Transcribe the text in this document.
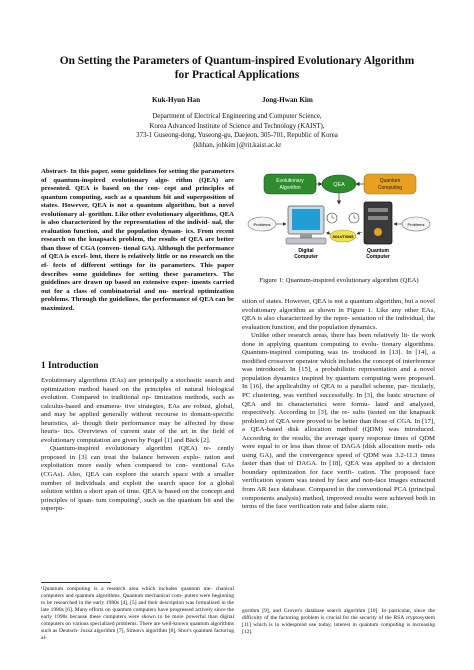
On Setting the Parameters of Quantum-inspired Evolutionary Algorithm
for Practical Applications
Kuk-Hyun Han	Jong-Hwan Kim
Department of Electrical Engineering and Computer Science,
Korea Advanced Institute of Science and Technology (KAIST),
373-1 Guseong-dong, Yuseong-gu, Daejeon, 305-701, Republic of Korea
{khhan, johkim}@rit.kaist.ac.kr
Abstract- In this paper, some guidelines for setting the parameters of quantum-inspired evolutionary algo- rithm (QEA) are presented. QEA is based on the con- cept and principles of quantum computing, such as a quantum bit and superposition of states. However, QEA is not a quantum algorithm, but a novel evolutionary al- gorithm. Like other evolutionary algorithms, QEA is also characterized by the representation of the individ- ual, the evaluation function, and the population dynam- ics. From recent research on the knapsack problem, the results of QEA are better than those of CGA (conven- tional GA). Although the performance of QEA is excel- lent, there is relatively little or no research on the ef- fects of different settings for its parameters. This paper describes some guidelines for setting these parameters. The guidelines are drawn up based on extensive exper- iments carried out for a class of combinatorial and nu- merical optimization problems. Through the guidelines, the performance of QEA can be maximized.
1 Introduction

Evolutionary algorithms (EAs) are principally a stochastic search and optimization method based on the principles of natural biological evolution. Compared to traditional op- timization methods, such as calculus-based and enumera- tive strategies, EAs are robust, global, and may be applied generally without recourse to domain-specific heuristics, al- though their performance may be affected by these heuris- tics. Overviews of current state of the art in the field of evolutionary computation are given by Fogel [1] and Bäck [2].

Quantum-inspired evolutionary algorithm (QEA) re- cently proposed in [3] can treat the balance between explo- ration and exploitation more easily when compared to con- ventional GAs (CGAs). Also, QEA can explore the search space with a smaller number of individuals and exploit the search space for a global solution within a short span of time. QEA is based on the concept and principles of quan- tum computing¹, such as the quantum bit and the superpo-

¹Quantum computing is a research area which includes quantum me- chanical computers and quantum algorithms. Quantum mechanical com- puters were beginning to be researched in the early 1980s [4], [5] and their description was formalized in the late 1980s [6]. Many efforts on quantum computers have progressed actively since the early 1990s because these computers were shown to be more powerful than digital computers on various specialized problems. There are well-known quantum algorithms such as Deutsch- Jozsa algorithm [7], Simon's algorithm [8], Shor's quantum factoring al-
Evolutionary
Algorithm	QEA
Quantum
Computing
Digital
Computer
Quantum
Computer
SOLUTIONS
Problems	Problems
Figure 1: Quantum-inspired evolutionary algorithm (QEA)

sition of states. However, QEA is not a quantum algorithm, but a novel evolutionary algorithm as shown in Figure 1. Like any other EAs, QEA is also characterized by the repre- sentation of the individual, the evaluation function, and the population dynamics.

Unlike other research areas, there has been relatively lit- tle work done in applying quantum computing to evolu- tionary algorithms. Quantum-inspired computing was in- troduced in [13]. In [14], a modified crossover operator which includes the concept of interference was introduced. In [15], a probabilistic representation and a novel population dynamics inspired by quantum computing were proposed. In [16], the applicability of QEA to a parallel scheme, par- ticularly, PC clustering, was verified successfully. In [3], the basic structure of QEA and its characteristics were formu- lated and analyzed, respectively. According to [3], the re- sults (tested on the knapsack problem) of QEA were proved to be better than those of CGA. In [17], a QEA-based disk allocation method (QDM) was introduced. According to the results, the average query response times of QDM were equal to or less than those of DAGA (disk allocation meth- ods using GA), and the convergence speed of QDM was 3.2-11.3 times faster than that of DAGA. In [18], QEA was applied to a decision boundary optimization for face verifi- cation. The proposed face verification system was tested by face and non-face images extracted from AR face database. Compared to the conventional PCA (principal components analysis) method, improved results were achieved both in terms of the face verification rate and false alarm rate.

gorithm [9], and Grover's database search algorithm [10]. In particular, since the difficulty of the factoring problem is crucial for the security of the RSA cryptosystem [11] which is in widespread use today, interest in quantum computing is increasing [12].
